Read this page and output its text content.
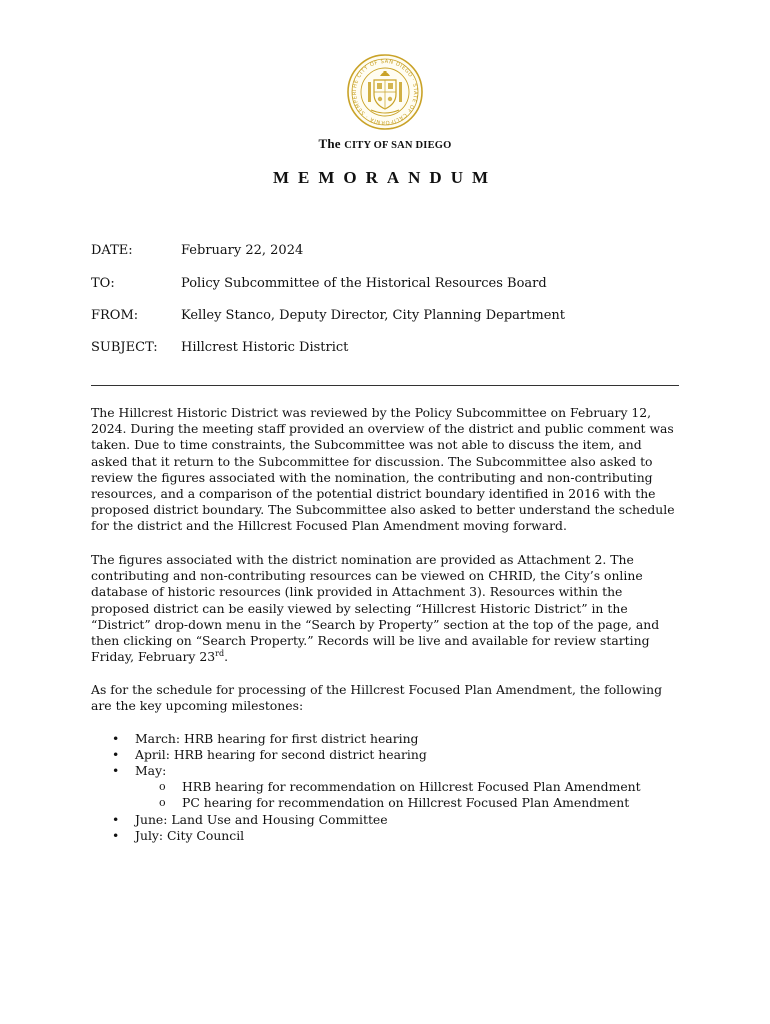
THE CITY OF SAN DIEGO · STATE OF CALIFORNIA · SEMPER
The CITY OF SAN DIEGO
MEMORANDUM
DATE:	February 22, 2024
TO:	Policy Subcommittee of the Historical Resources Board
FROM:	Kelley Stanco, Deputy Director, City Planning Department
SUBJECT: Hillcrest Historic District

The Hillcrest Historic District was reviewed by the Policy Subcommittee on February 12, 2024. During the meeting staff provided an overview of the district and public comment was taken. Due to time constraints, the Subcommittee was not able to discuss the item, and asked that it return to the Subcommittee for discussion. The Subcommittee also asked to review the figures associated with the nomination, the contributing and non-contributing resources, and a comparison of the potential district boundary identified in 2016 with the proposed district boundary. The Subcommittee also asked to better understand the schedule for the district and the Hillcrest Focused Plan Amendment moving forward.

The figures associated with the district nomination are provided as Attachment 2. The contributing and non-contributing resources can be viewed on CHRID, the City’s online database of historic resources (link provided in Attachment 3). Resources within the proposed district can be easily viewed by selecting “Hillcrest Historic District” in the “District” drop-down menu in the “Search by Property” section at the top of the page, and then clicking on “Search Property.” Records will be live and available for review starting Friday, February 23rd.

As for the schedule for processing of the Hillcrest Focused Plan Amendment, the following are the key upcoming milestones:

• March: HRB hearing for first district hearing
• April: HRB hearing for second district hearing
• May:
o HRB hearing for recommendation on Hillcrest Focused Plan Amendment
o PC hearing for recommendation on Hillcrest Focused Plan Amendment
• June: Land Use and Housing Committee
• July: City Council
